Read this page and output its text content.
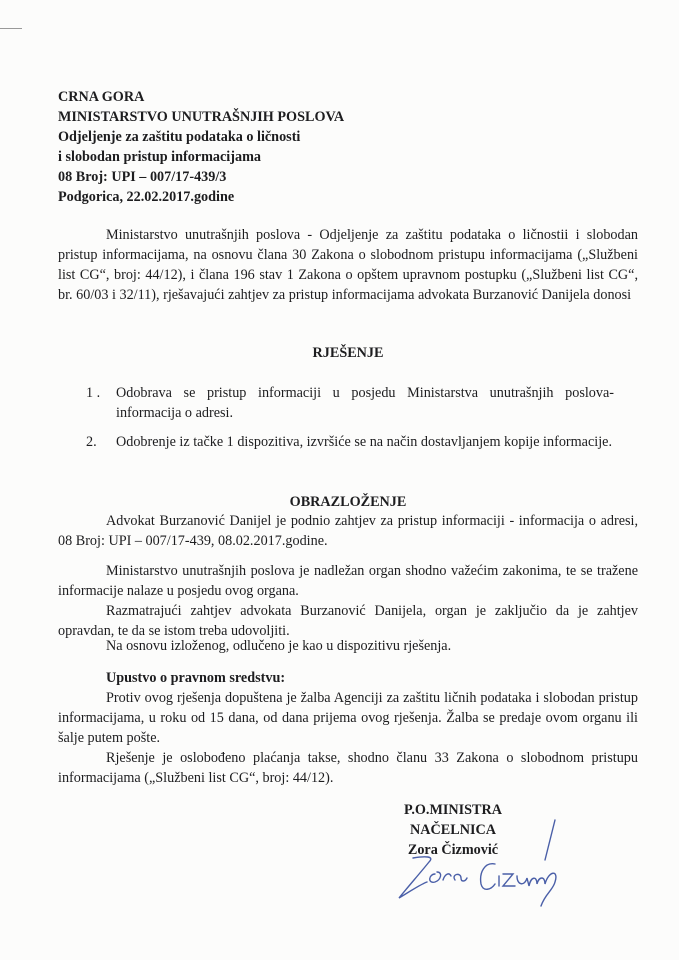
CRNA GORA

MINISTARSTVO UNUTRAŠNJIH POSLOVA

Odjeljenje za zaštitu podataka o ličnosti

i slobodan pristup informacijama

08 Broj: UPI – 007/17-439/3

Podgorica, 22.02.2017.godine

Ministarstvo unutrašnjih poslova - Odjeljenje za zaštitu podataka o ličnostii i slobodan pristup informacijama, na osnovu člana 30 Zakona o slobodnom pristupu informacijama („Službeni list CG“, broj: 44/12), i člana 196 stav 1 Zakona o opštem upravnom postupku („Službeni list CG“, br. 60/03 i 32/11), rješavajući zahtjev za pristup informacijama advokata Burzanović Danijela donosi
RJEŠENJE
1 . Odobrava se pristup informaciji u posjedu Ministarstva unutrašnjih poslova-informacija o adresi.
2. Odobrenje iz tačke 1 dispozitiva, izvršiće se na način dostavljanjem kopije informacije.
OBRAZLOŽENJE
Advokat Burzanović Danijel je podnio zahtjev za pristup informaciji - informacija o adresi, 08 Broj: UPI – 007/17-439, 08.02.2017.godine.
Ministarstvo unutrašnjih poslova je nadležan organ shodno važećim zakonima, te se tražene informacije nalaze u posjedu ovog organa.
Razmatrajući zahtjev advokata Burzanović Danijela, organ je zaključio da je zahtjev opravdan, te da se istom treba udovoljiti.
Na osnovu izloženog, odlučeno je kao u dispozitivu rješenja.
Upustvo o pravnom sredstvu:
Protiv ovog rješenja dopuštena je žalba Agenciji za zaštitu ličnih podataka i slobodan pristup informacijama, u roku od 15 dana, od dana prijema ovog rješenja. Žalba se predaje ovom organu ili šalje putem pošte.
Rješenje je oslobođeno plaćanja takse, shodno članu 33 Zakona o slobodnom pristupu informacijama („Službeni list CG“, broj: 44/12).

P.O.MINISTRA

NAČELNICA

Zora Čizmović
